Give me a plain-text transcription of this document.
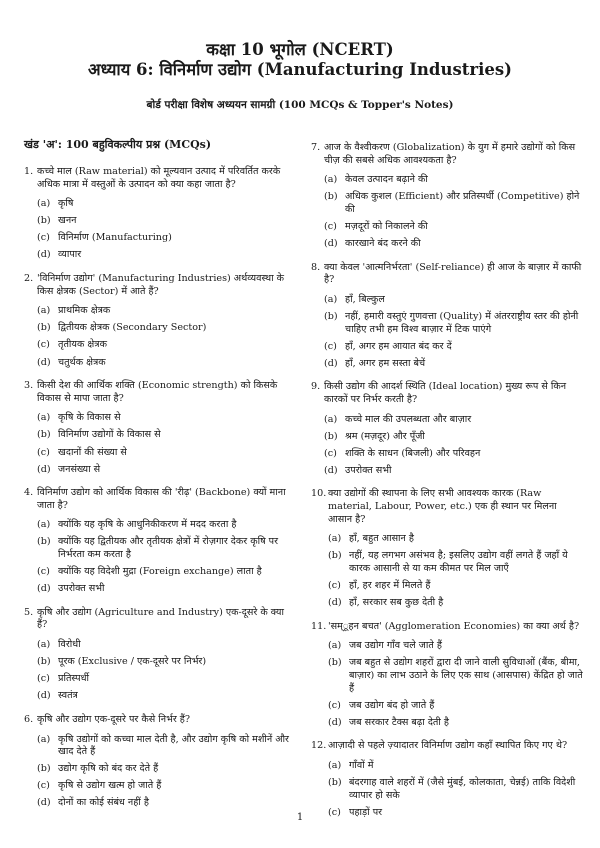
कक्षा 10 भूगोल (NCERT)
अध्याय 6: विनिर्माण उद्योग (Manufacturing Industries)
बोर्ड परीक्षा विशेष अध्ययन सामग्री (100 MCQs & Topper's Notes)
खंड 'अ': 100 बहुविकल्पीय प्रश्न (MCQs)
1. कच्चे माल (Raw material) को मूल्यवान उत्पाद में परिवर्तित करके अधिक मात्रा में वस्तुओं के उत्पादन को क्या कहा जाता है?
(a) कृषि
(b) खनन
(c) विनिर्माण (Manufacturing)
(d) व्यापार
2. 'विनिर्माण उद्योग' (Manufacturing Industries) अर्थव्यवस्था के किस क्षेत्रक (Sector) में आते हैं?
(a) प्राथमिक क्षेत्रक
(b) द्वितीयक क्षेत्रक (Secondary Sector)
(c) तृतीयक क्षेत्रक
(d) चतुर्थक क्षेत्रक
3. किसी देश की आर्थिक शक्ति (Economic strength) को किसके विकास से मापा जाता है?
(a) कृषि के विकास से
(b) विनिर्माण उद्योगों के विकास से
(c) खदानों की संख्या से
(d) जनसंख्या से
4. विनिर्माण उद्योग को आर्थिक विकास की 'रीढ़' (Backbone) क्यों माना जाता है?
(a) क्योंकि यह कृषि के आधुनिकीकरण में मदद करता है
(b) क्योंकि यह द्वितीयक और तृतीयक क्षेत्रों में रोज़गार देकर कृषि पर निर्भरता कम करता है
(c) क्योंकि यह विदेशी मुद्रा (Foreign exchange) लाता है
(d) उपरोक्त सभी
5. कृषि और उद्योग (Agriculture and Industry) एक-दूसरे के क्या हैं?
(a) विरोधी
(b) पूरक (Exclusive / एक-दूसरे पर निर्भर)
(c) प्रतिस्पर्धी
(d) स्वतंत्र
6. कृषि और उद्योग एक-दूसरे पर कैसे निर्भर हैं?
(a) कृषि उद्योगों को कच्चा माल देती है, और उद्योग कृषि को मशीनें और खाद देते हैं
(b) उद्योग कृषि को बंद कर देते हैं
(c) कृषि से उद्योग खत्म हो जाते हैं
(d) दोनों का कोई संबंध नहीं है
7. आज के वैश्वीकरण (Globalization) के युग में हमारे उद्योगों को किस चीज़ की सबसे अधिक आवश्यकता है?
(a) केवल उत्पादन बढ़ाने की
(b) अधिक कुशल (Efficient) और प्रतिस्पर्धी (Competitive) होने की
(c) मज़दूरों को निकालने की
(d) कारखाने बंद करने की
8. क्या केवल 'आत्मनिर्भरता' (Self-reliance) ही आज के बाज़ार में काफी है?
(a) हाँ, बिल्कुल
(b) नहीं, हमारी वस्तुएं गुणवत्ता (Quality) में अंतरराष्ट्रीय स्तर की होनी चाहिए तभी हम विश्व बाज़ार में टिक पाएंगे
(c) हाँ, अगर हम आयात बंद कर दें
(d) हाँ, अगर हम सस्ता बेचें
9. किसी उद्योग की आदर्श स्थिति (Ideal location) मुख्य रूप से किन कारकों पर निर्भर करती है?
(a) कच्चे माल की उपलब्धता और बाज़ार
(b) श्रम (मज़दूर) और पूँजी
(c) शक्ति के साधन (बिजली) और परिवहन
(d) उपरोक्त सभी
10. क्या उद्योगों की स्थापना के लिए सभी आवश्यक कारक (Raw material, Labour, Power, etc.) एक ही स्थान पर मिलना आसान है?
(a) हाँ, बहुत आसान है
(b) नहीं, यह लगभग असंभव है; इसलिए उद्योग वहीं लगते हैं जहाँ ये कारक आसानी से या कम कीमत पर मिल जाएँ
(c) हाँ, हर शहर में मिलते हैं
(d) हाँ, सरकार सब कुछ देती है
11. 'सम्ूहन बचत' (Agglomeration Economies) का क्या अर्थ है?
(a) जब उद्योग गाँव चले जाते हैं
(b) जब बहुत से उद्योग शहरों द्वारा दी जाने वाली सुविधाओं (बैंक, बीमा, बाज़ार) का लाभ उठाने के लिए एक साथ (आसपास) केंद्रित हो जाते हैं
(c) जब उद्योग बंद हो जाते हैं
(d) जब सरकार टैक्स बढ़ा देती है
12. आज़ादी से पहले ज़्यादातर विनिर्माण उद्योग कहाँ स्थापित किए गए थे?
(a) गाँवों में
(b) बंदरगाह वाले शहरों में (जैसे मुंबई, कोलकाता, चेन्नई) ताकि विदेशी व्यापार हो सके
(c) पहाड़ों पर
1
